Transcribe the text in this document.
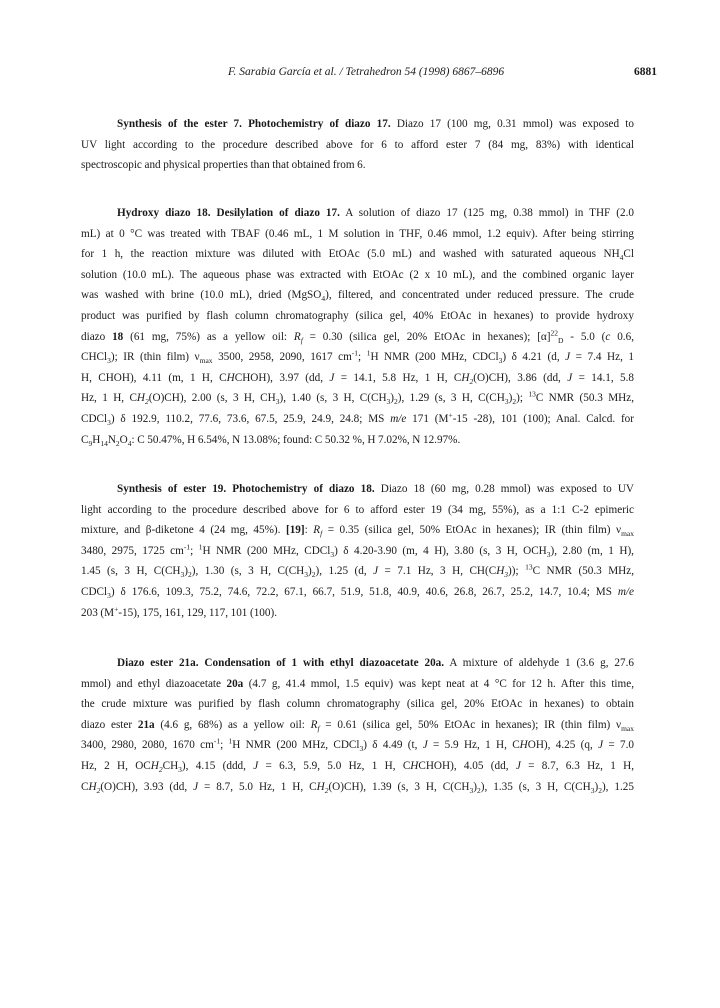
F. Sarabia García et al. / Tetrahedron 54 (1998) 6867–6896	6881
Synthesis of the ester 7. Photochemistry of diazo 17. Diazo 17 (100 mg, 0.31 mmol) was exposed to
UV light according to the procedure described above for 6 to afford ester 7 (84 mg, 83%) with identical
spectroscopic and physical properties than that obtained from 6.
Hydroxy diazo 18. Desilylation of diazo 17. A solution of diazo 17 (125 mg, 0.38 mmol) in THF (2.0
mL) at 0 °C was treated with TBAF (0.46 mL, 1 M solution in THF, 0.46 mmol, 1.2 equiv). After being stirring
for 1 h, the reaction mixture was diluted with EtOAc (5.0 mL) and washed with saturated aqueous $NH_4Cl$
solution (10.0 mL). The aqueous phase was extracted with EtOAc (2 x 10 mL), and the combined organic layer
was washed with brine (10.0 mL), dried (MgSO$_4$), filtered, and concentrated under reduced pressure. The crude
product was purified by flash column chromatography (silica gel, 40% EtOAc in hexanes) to provide hydroxy
diazo 18 (61 mg, 75%) as a yellow oil: $R_f = 0.30$ (silica gel, 20% EtOAc in hexanes); $[\alpha]^{22}_D - 5.0$ (c 0.6,
CHCl$_3$); IR (thin film) $\nu_{max}$ 3500, 2958, 2090, 1617 $cm^{-1}$; $^1$H NMR (200 MHz, CDCl$_3$) δ 4.21 (d, J = 7.4 Hz, 1
H, CHOH), 4.11 (m, 1 H, CHCHOH), 3.97 (dd, J = 14.1, 5.8 Hz, 1 H, $CH_2(O)CH$), 3.86 (dd, J = 14.1, 5.8
Hz, 1 H, $CH_2(O)CH$), 2.00 (s, 3 H, $CH_3$), 1.40 (s, 3 H, $C(CH_3)_2$), 1.29 (s, 3 H, $C(CH_3)_2$); $^{13}$C NMR (50.3 MHz,
CDCl$_3$) δ 192.9, 110.2, 77.6, 73.6, 67.5, 25.9, 24.9, 24.8; MS m/e 171 (M+-15 -28), 101 (100); Anal. Calcd. for
$C_9H_{14}N_2O_4$: C 50.47%, H 6.54%, N 13.08%; found: C 50.32 %, H 7.02%, N 12.97%.
Synthesis of ester 19. Photochemistry of diazo 18. Diazo 18 (60 mg, 0.28 mmol) was exposed to UV
light according to the procedure described above for 6 to afford ester 19 (34 mg, 55%), as a 1:1 C-2 epimeric
mixture, and β-diketone 4 (24 mg, 45%). [19]: $R_f = 0.35$ (silica gel, 50% EtOAc in hexanes); IR (thin film) $\nu_{max}$
3480, 2975, 1725 $cm^{-1}$; $^1$H NMR (200 MHz, CDCl$_3$) δ 4.20-3.90 (m, 4 H), 3.80 (s, 3 H, $OCH_3$), 2.80 (m, 1 H),
1.45 (s, 3 H, $C(CH_3)_2$), 1.30 (s, 3 H, $C(CH_3)_2$), 1.25 (d, J = 7.1 Hz, 3 H, $CH(CH_3)$); $^{13}$C NMR (50.3 MHz,
CDCl$_3$) δ 176.6, 109.3, 75.2, 74.6, 72.2, 67.1, 66.7, 51.9, 51.8, 40.9, 40.6, 26.8, 26.7, 25.2, 14.7, 10.4; MS m/e
203 (M+-15), 175, 161, 129, 117, 101 (100).
Diazo ester 21a. Condensation of 1 with ethyl diazoacetate 20a. A mixture of aldehyde 1 (3.6 g, 27.6
mmol) and ethyl diazoacetate 20a (4.7 g, 41.4 mmol, 1.5 equiv) was kept neat at 4 °C for 12 h. After this time,
the crude mixture was purified by flash column chromatography (silica gel, 20% EtOAc in hexanes) to obtain
diazo ester 21a (4.6 g, 68%) as a yellow oil: $R_f = 0.61$ (silica gel, 50% EtOAc in hexanes); IR (thin film) $\nu_{max}$
3400, 2980, 2080, 1670 $cm^{-1}$; $^1$H NMR (200 MHz, CDCl$_3$) δ 4.49 (t, J = 5.9 Hz, 1 H, CHOH), 4.25 (q, J = 7.0
Hz, 2 H, $OCH_2CH_3$), 4.15 (ddd, J = 6.3, 5.9, 5.0 Hz, 1 H, CHCHOH), 4.05 (dd, J = 8.7, 6.3 Hz, 1 H,
$CH_2(O)CH$), 3.93 (dd, J = 8.7, 5.0 Hz, 1 H, $CH_2(O)CH$), 1.39 (s, 3 H, $C(CH_3)_2$), 1.35 (s, 3 H, $C(CH_3)_2$), 1.25
